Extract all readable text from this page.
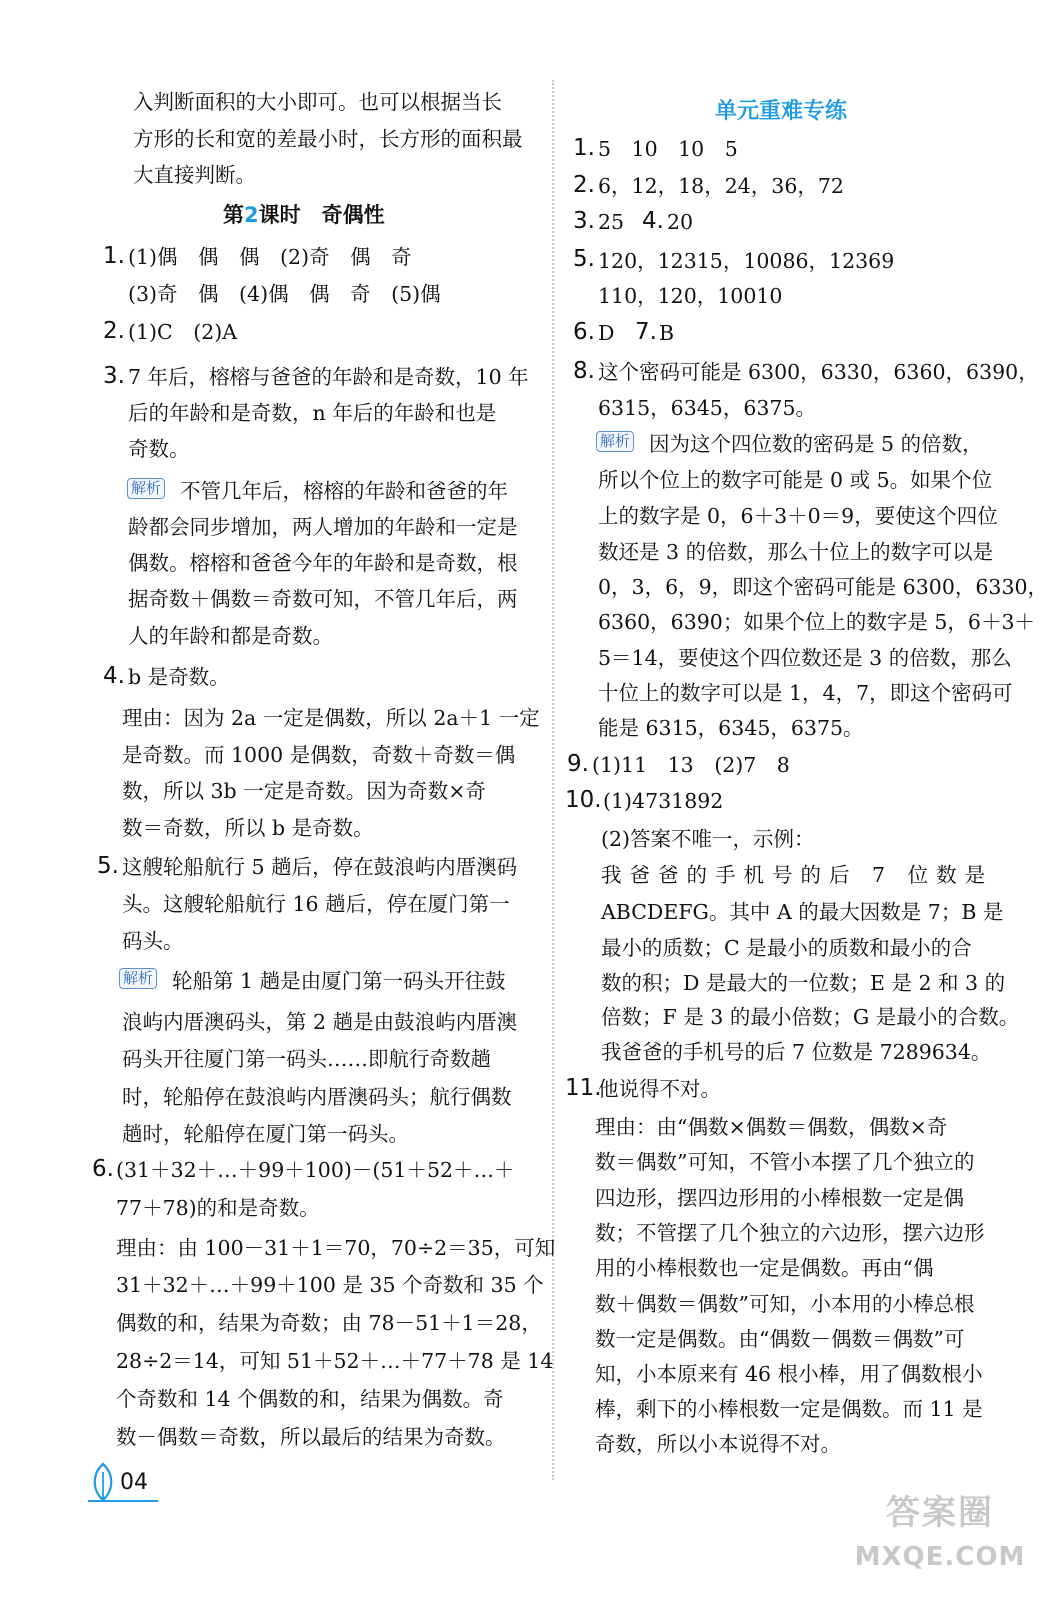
入判断面积的大小即可。也可以根据当长
方形的长和宽的差最小时，长方形的面积最
大直接判断。
第2课时　奇偶性
1. (1)偶　偶　偶　(2)奇　偶　奇
(3)奇　偶　(4)偶　偶　奇　(5)偶
2. (1)C　(2)A
3. 7 年后，榕榕与爸爸的年龄和是奇数，10 年
后的年龄和是奇数，n 年后的年龄和也是
奇数。
解析 不管几年后，榕榕的年龄和爸爸的年
龄都会同步增加，两人增加的年龄和一定是
偶数。榕榕和爸爸今年的年龄和是奇数，根
据奇数＋偶数＝奇数可知，不管几年后，两
人的年龄和都是奇数。
4. b 是奇数。
理由：因为 2a 一定是偶数，所以 2a＋1 一定
是奇数。而 1000 是偶数，奇数＋奇数＝偶
数，所以 3b 一定是奇数。因为奇数×奇
数＝奇数，所以 b 是奇数。
5. 这艘轮船航行 5 趟后，停在鼓浪屿内厝澳码
头。这艘轮船航行 16 趟后，停在厦门第一
码头。
解析 轮船第 1 趟是由厦门第一码头开往鼓
浪屿内厝澳码头，第 2 趟是由鼓浪屿内厝澳
码头开往厦门第一码头……即航行奇数趟
时，轮船停在鼓浪屿内厝澳码头；航行偶数
趟时，轮船停在厦门第一码头。
6. (31＋32＋…＋99＋100)－(51＋52＋…＋
77＋78)的和是奇数。
理由：由 100－31＋1＝70，70÷2＝35，可知
31＋32＋…＋99＋100 是 35 个奇数和 35 个
偶数的和，结果为奇数；由 78－51＋1＝28，
28÷2＝14，可知 51＋52＋…＋77＋78 是 14
个奇数和 14 个偶数的和，结果为偶数。奇
数－偶数＝奇数，所以最后的结果为奇数。
单元重难专练
1. 5　10　10　5
2. 6，12，18，24，36，72
3. 25 4. 20
5. 120，12315，10086，12369
110，120，10010
6. D 7. B
8. 这个密码可能是 6300，6330，6360，6390，
6315，6345，6375。
解析 因为这个四位数的密码是 5 的倍数，
所以个位上的数字可能是 0 或 5。如果个位
上的数字是 0，6＋3＋0＝9，要使这个四位
数还是 3 的倍数，那么十位上的数字可以是
0，3，6，9，即这个密码可能是 6300，6330，
6360，6390；如果个位上的数字是 5，6＋3＋
5＝14，要使这个四位数还是 3 的倍数，那么
十位上的数字可以是 1，4，7，即这个密码可
能是 6315，6345，6375。
9. (1)11　13　(2)7　8
10. (1)4731892
(2)答案不唯一，示例：
我爸爸的手机号的后 7 位数是
ABCDEFG。其中 A 的最大因数是 7；B 是
最小的质数；C 是最小的质数和最小的合
数的积；D 是最大的一位数；E 是 2 和 3 的
倍数；F 是 3 的最小倍数；G 是最小的合数。
我爸爸的手机号的后 7 位数是 7289634。
11.
他说得不对。
理由：由“偶数×偶数＝偶数，偶数×奇
数＝偶数”可知，不管小本摆了几个独立的
四边形，摆四边形用的小棒根数一定是偶
数；不管摆了几个独立的六边形，摆六边形
用的小棒根数也一定是偶数。再由“偶
数＋偶数＝偶数”可知，小本用的小棒总根
数一定是偶数。由“偶数－偶数＝偶数”可
知，小本原来有 46 根小棒，用了偶数根小
棒，剩下的小棒根数一定是偶数。而 11 是
奇数，所以小本说得不对。
04
答案圈
MXQE.COM
